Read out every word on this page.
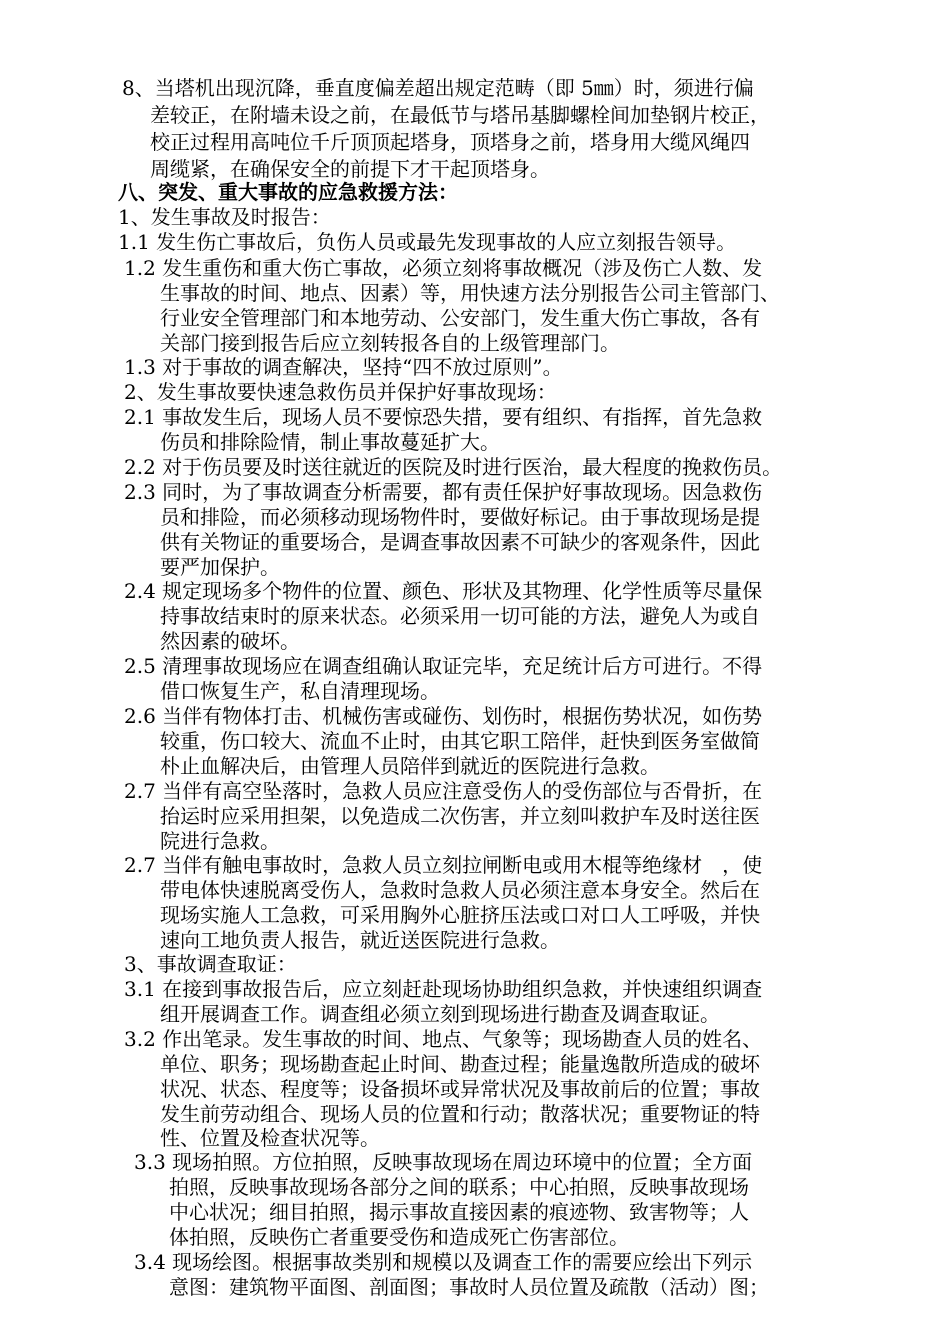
8、当塔机出现沉降，垂直度偏差超出规定范畴（即 5㎜）时，须进行偏
差较正，在附墙未设之前，在最低节与塔吊基脚螺栓间加垫钢片校正，
校正过程用高吨位千斤顶顶起塔身，顶塔身之前，塔身用大缆风绳四
周缆紧，在确保安全的前提下才干起顶塔身。
八、突发、重大事故的应急救援方法：
1、发生事故及时报告：
1.1 发生伤亡事故后，负伤人员或最先发现事故的人应立刻报告领导。
1.2 发生重伤和重大伤亡事故，必须立刻将事故概况（涉及伤亡人数、发
生事故的时间、地点、因素）等，用快速方法分别报告公司主管部门、
行业安全管理部门和本地劳动、公安部门，发生重大伤亡事故，各有
关部门接到报告后应立刻转报各自的上级管理部门。
1.3 对于事故的调查解决，坚持“四不放过原则”。
2、发生事故要快速急救伤员并保护好事故现场：
2.1 事故发生后，现场人员不要惊恐失措，要有组织、有指挥，首先急救
伤员和排除险情，制止事故蔓延扩大。
2.2 对于伤员要及时送往就近的医院及时进行医治，最大程度的挽救伤员。
2.3 同时，为了事故调查分析需要，都有责任保护好事故现场。因急救伤
员和排险，而必须移动现场物件时，要做好标记。由于事故现场是提
供有关物证的重要场合，是调查事故因素不可缺少的客观条件，因此
要严加保护。
2.4 规定现场多个物件的位置、颜色、形状及其物理、化学性质等尽量保
持事故结束时的原来状态。必须采用一切可能的方法，避免人为或自
然因素的破坏。
2.5 清理事故现场应在调查组确认取证完毕，充足统计后方可进行。不得
借口恢复生产，私自清理现场。
2.6 当伴有物体打击、机械伤害或碰伤、划伤时，根据伤势状况，如伤势
较重，伤口较大、流血不止时，由其它职工陪伴，赶快到医务室做简
朴止血解决后，由管理人员陪伴到就近的医院进行急救。
2.7 当伴有高空坠落时，急救人员应注意受伤人的受伤部位与否骨折，在
抬运时应采用担架，以免造成二次伤害，并立刻叫救护车及时送往医
院进行急救。
2.7 当伴有触电事故时，急救人员立刻拉闸断电或用木棍等绝缘材　，使
带电体快速脱离受伤人，急救时急救人员必须注意本身安全。然后在
现场实施人工急救，可采用胸外心脏挤压法或口对口人工呼吸，并快
速向工地负责人报告，就近送医院进行急救。
3、事故调查取证：
3.1 在接到事故报告后，应立刻赶赴现场协助组织急救，并快速组织调查
组开展调查工作。调查组必须立刻到现场进行勘查及调查取证。
3.2 作出笔录。发生事故的时间、地点、气象等；现场勘查人员的姓名、
单位、职务；现场勘查起止时间、勘查过程；能量逸散所造成的破坏
状况、状态、程度等；设备损坏或异常状况及事故前后的位置；事故
发生前劳动组合、现场人员的位置和行动；散落状况；重要物证的特
性、位置及检查状况等。
3.3 现场拍照。方位拍照，反映事故现场在周边环境中的位置；全方面
拍照，反映事故现场各部分之间的联系；中心拍照，反映事故现场
中心状况；细目拍照，揭示事故直接因素的痕迹物、致害物等；人
体拍照，反映伤亡者重要受伤和造成死亡伤害部位。
3.4 现场绘图。根据事故类别和规模以及调查工作的需要应绘出下列示
意图：建筑物平面图、剖面图；事故时人员位置及疏散（活动）图；
